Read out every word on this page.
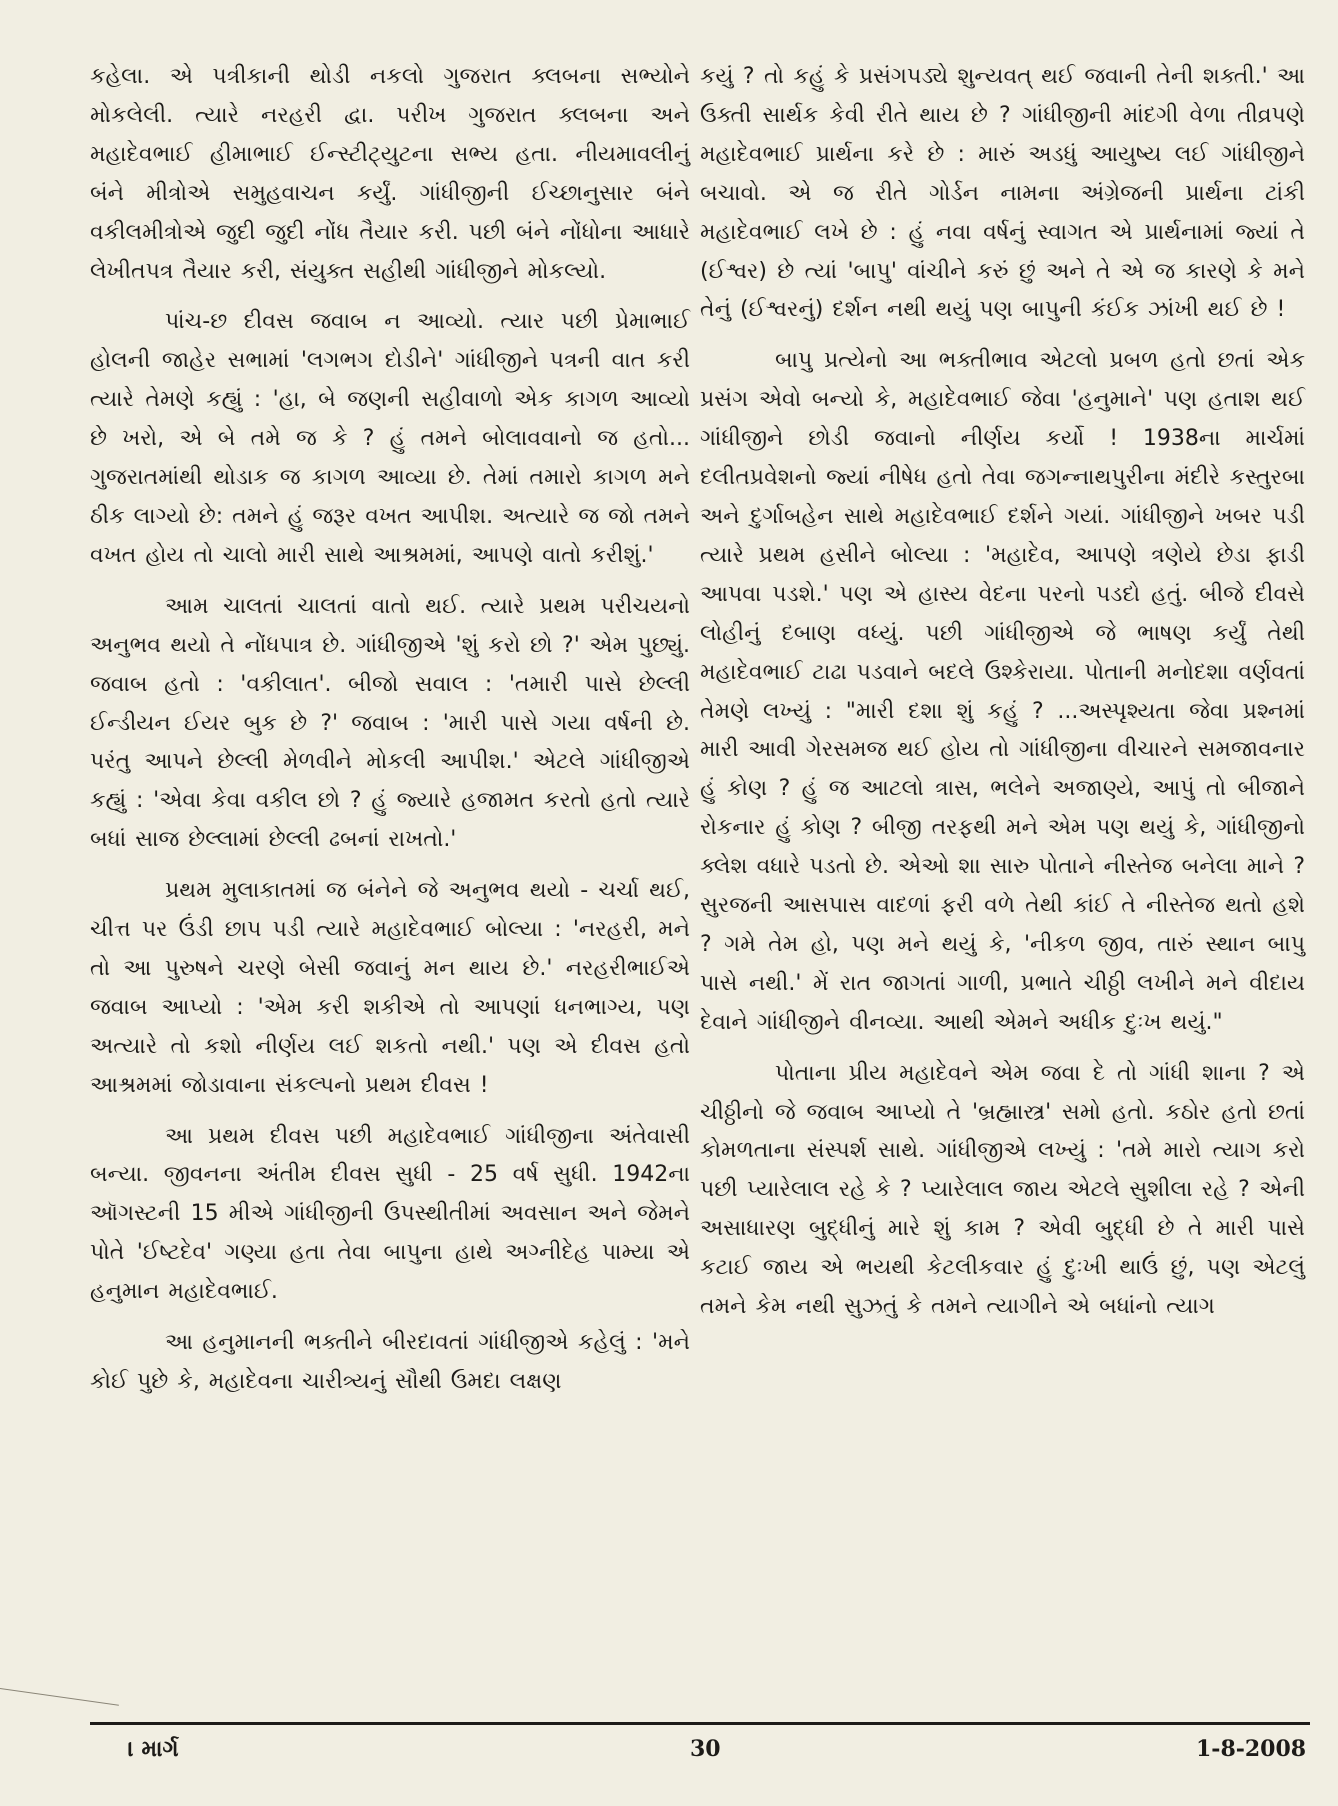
કહેલા. એ પત્રીકાની થોડી નકલો ગુજરાત ક્લબના સભ્યોને મોકલેલી. ત્યારે નરહરી દ્વા. પરીખ ગુજરાત ક્લબના અને મહાદેવભાઈ હીમાભાઈ ઈન્સ્ટીટ્યુટના સભ્ય હતા. નીયમાવલીનું બંને મીત્રોએ સમુહવાચન કર્યું. ગાંધીજીની ઈચ્છાનુસાર બંને વકીલમીત્રોએ જુદી જુદી નોંધ તૈયાર કરી. પછી બંને નોંધોના આધારે લેખીતપત્ર તૈયાર કરી, સંયુક્ત સહીથી ગાંધીજીને મોકલ્યો.

પાંચ-છ દીવસ જવાબ ન આવ્યો. ત્યાર પછી પ્રેમાભાઈ હોલની જાહેર સભામાં 'લગભગ દોડીને' ગાંધીજીને પત્રની વાત કરી ત્યારે તેમણે કહ્યું : 'હા, બે જણની સહીવાળો એક કાગળ આવ્યો છે ખરો, એ બે તમે જ કે ? હું તમને બોલાવવાનો જ હતો... ગુજરાતમાંથી થોડાક જ કાગળ આવ્યા છે. તેમાં તમારો કાગળ મને ઠીક લાગ્યો છે: તમને હું જરૂર વખત આપીશ. અત્યારે જ જો તમને વખત હોય તો ચાલો મારી સાથે આશ્રમમાં, આપણે વાતો કરીશું.'

આમ ચાલતાં ચાલતાં વાતો થઈ. ત્યારે પ્રથમ પરીચયનો અનુભવ થયો તે નોંધપાત્ર છે. ગાંધીજીએ 'શું કરો છો ?' એમ પુછ્યું. જવાબ હતો : 'વકીલાત'. બીજો સવાલ : 'તમારી પાસે છેલ્લી ઈન્ડીયન ઈયર બુક છે ?' જવાબ : 'મારી પાસે ગયા વર્ષની છે. પરંતુ આપને છેલ્લી મેળવીને મોકલી આપીશ.' એટલે ગાંધીજીએ કહ્યું : 'એવા કેવા વકીલ છો ? હું જ્યારે હજામત કરતો હતો ત્યારે બધાં સાજ છેલ્લામાં છેલ્લી ઢબનાં રાખતો.'

પ્રથમ મુલાકાતમાં જ બંનેને જે અનુભવ થયો - ચર્ચા થઈ, ચીત્ત પર ઉંડી છાપ પડી ત્યારે મહાદેવભાઈ બોલ્યા : 'નરહરી, મને તો આ પુરુષને ચરણે બેસી જવાનું મન થાય છે.' નરહરીભાઈએ જવાબ આપ્યો : 'એમ કરી શકીએ તો આપણાં ધનભાગ્ય, પણ અત્યારે તો કશો નીર્ણય લઈ શકતો નથી.' પણ એ દીવસ હતો આશ્રમમાં જોડાવાના સંકલ્પનો પ્રથમ દીવસ !

આ પ્રથમ દીવસ પછી મહાદેવભાઈ ગાંધીજીના અંતેવાસી બન્યા. જીવનના અંતીમ દીવસ સુધી - 25 વર્ષ સુધી. 1942ના ઑગસ્ટની 15 મીએ ગાંધીજીની ઉપસ્થીતીમાં અવસાન અને જેમને પોતે 'ઈષ્ટદેવ' ગણ્યા હતા તેવા બાપુના હાથે અગ્નીદેહ પામ્યા એ હનુમાન મહાદેવભાઈ.

આ હનુમાનની ભક્તીને બીરદાવતાં ગાંધીજીએ કહેલું : 'મને કોઈ પુછે કે, મહાદેવના ચારીત્ર્યનું સૌથી ઉમદા લક્ષણ

કયું ? તો કહું કે પ્રસંગપડ્યે શુન્યવત્ થઈ જવાની તેની શક્તી.' આ ઉક્તી સાર્થક કેવી રીતે થાય છે ? ગાંધીજીની માંદગી વેળા તીવ્રપણે મહાદેવભાઈ પ્રાર્થના કરે છે : મારું અડધું આયુષ્ય લઈ ગાંધીજીને બચાવો. એ જ રીતે ગોર્ડન નામના અંગ્રેજની પ્રાર્થના ટાંકી મહાદેવભાઈ લખે છે : હું નવા વર્ષનું સ્વાગત એ પ્રાર્થનામાં જ્યાં તે (ઈશ્વર) છે ત્યાં 'બાપુ' વાંચીને કરું છું અને તે એ જ કારણે કે મને તેનું (ઈશ્વરનું) દર્શન નથી થયું પણ બાપુની કંઈક ઝાંખી થઈ છે !

બાપુ પ્રત્યેનો આ ભક્તીભાવ એટલો પ્રબળ હતો છતાં એક પ્રસંગ એવો બન્યો કે, મહાદેવભાઈ જેવા 'હનુમાને' પણ હતાશ થઈ ગાંધીજીને છોડી જવાનો નીર્ણય કર્યો ! 1938ના માર્ચમાં દલીતપ્રવેશનો જ્યાં નીષેધ હતો તેવા જગન્નાથપુરીના મંદીરે કસ્તુરબા અને દુર્ગાબહેન સાથે મહાદેવભાઈ દર્શને ગયાં. ગાંધીજીને ખબર પડી ત્યારે પ્રથમ હસીને બોલ્યા : 'મહાદેવ, આપણે ત્રણેયે છેડા ફાડી આપવા પડશે.' પણ એ હાસ્ય વેદના પરનો પડદો હતું. બીજે દીવસે લોહીનું દબાણ વધ્યું. પછી ગાંધીજીએ જે ભાષણ કર્યું તેથી મહાદેવભાઈ ટાઢા પડવાને બદલે ઉશ્કેરાયા. પોતાની મનોદશા વર્ણવતાં તેમણે લખ્યું : "મારી દશા શું કહું ? ...અસ્પૃશ્યતા જેવા પ્રશ્નમાં મારી આવી ગેરસમજ થઈ હોય તો ગાંધીજીના વીચારને સમજાવનાર હું કોણ ? હું જ આટલો ત્રાસ, ભલેને અજાણ્યે, આપું તો બીજાને રોકનાર હું કોણ ? બીજી તરફથી મને એમ પણ થયું કે, ગાંધીજીનો ક્લેશ વધારે પડતો છે. એઓ શા સારુ પોતાને નીસ્તેજ બનેલા માને ? સુરજની આસપાસ વાદળાં ફરી વળે તેથી કાંઈ તે નીસ્તેજ થતો હશે ? ગમે તેમ હો, પણ મને થયું કે, 'નીકળ જીવ, તારું સ્થાન બાપુ પાસે નથી.' મેં રાત જાગતાં ગાળી, પ્રભાતે ચીઠ્ઠી લખીને મને વીદાય દેવાને ગાંધીજીને વીનવ્યા. આથી એમને અધીક દુઃખ થયું."

પોતાના પ્રીય મહાદેવને એમ જવા દે તો ગાંધી શાના ? એ ચીઠ્ઠીનો જે જવાબ આપ્યો તે 'બ્રહ્માસ્ત્ર' સમો હતો. કઠોર હતો છતાં કોમળતાના સંસ્પર્શ સાથે. ગાંધીજીએ લખ્યું : 'તમે મારો ત્યાગ કરો પછી પ્યારેલાલ રહે કે ? પ્યારેલાલ જાય એટલે સુશીલા રહે ? એની અસાધારણ બુદ્ધીનું મારે શું કામ ? એવી બુદ્ધી છે તે મારી પાસે કટાઈ જાય એ ભયથી કેટલીકવાર હું દુઃખી થાઉં છું, પણ એટલું તમને કેમ નથી સુઝતું કે તમને ત્યાગીને એ બધાંનો ત્યાગ

। માર્ગ	30	1-8-2008
